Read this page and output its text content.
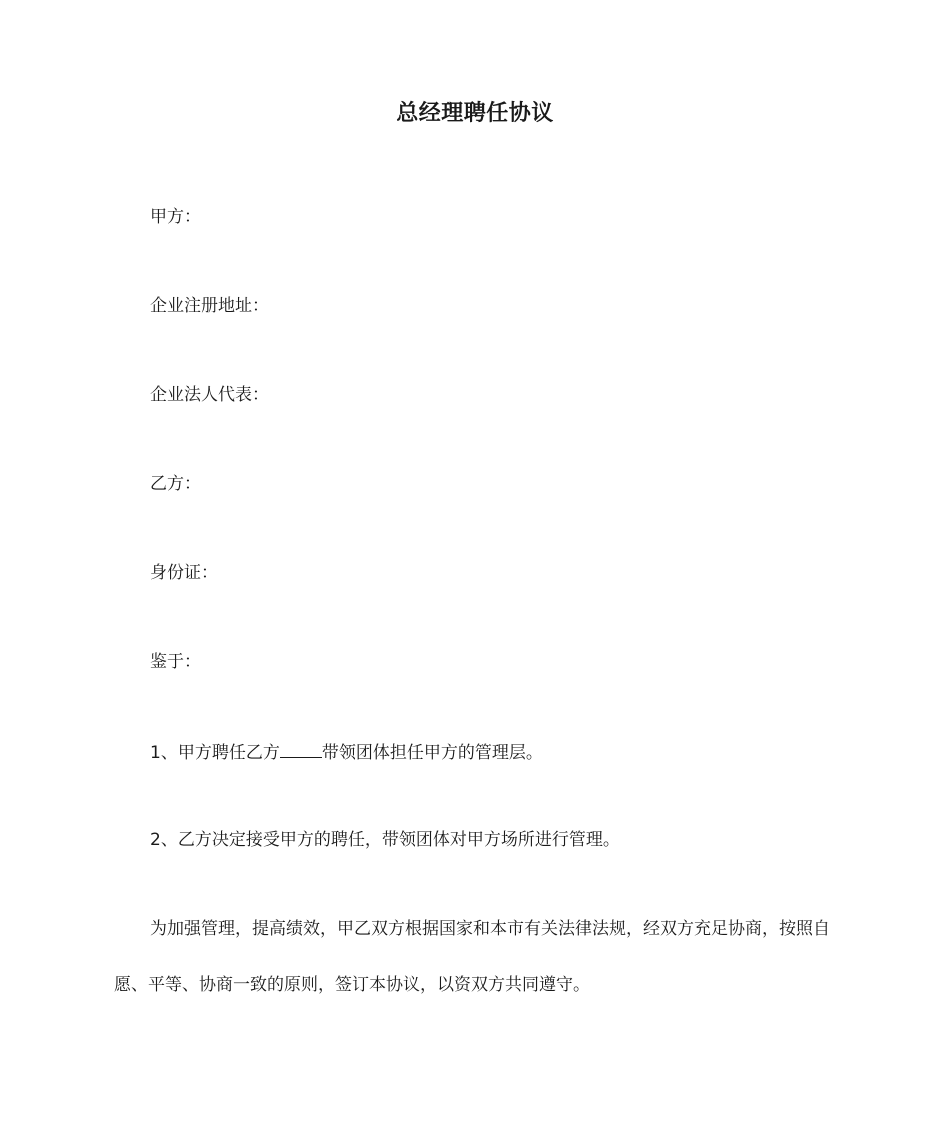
总经理聘任协议
甲方：
企业注册地址：
企业法人代表：
乙方：
身份证：
鉴于：
1、甲方聘任乙方 带领团体担任甲方的管理层。
2、乙方决定接受甲方的聘任，带领团体对甲方场所进行管理。
为加强管理，提高绩效，甲乙双方根据国家和本市有关法律法规，经双方充足协商，按照自愿、平等、协商一致的原则，签订本协议，以资双方共同遵守。
